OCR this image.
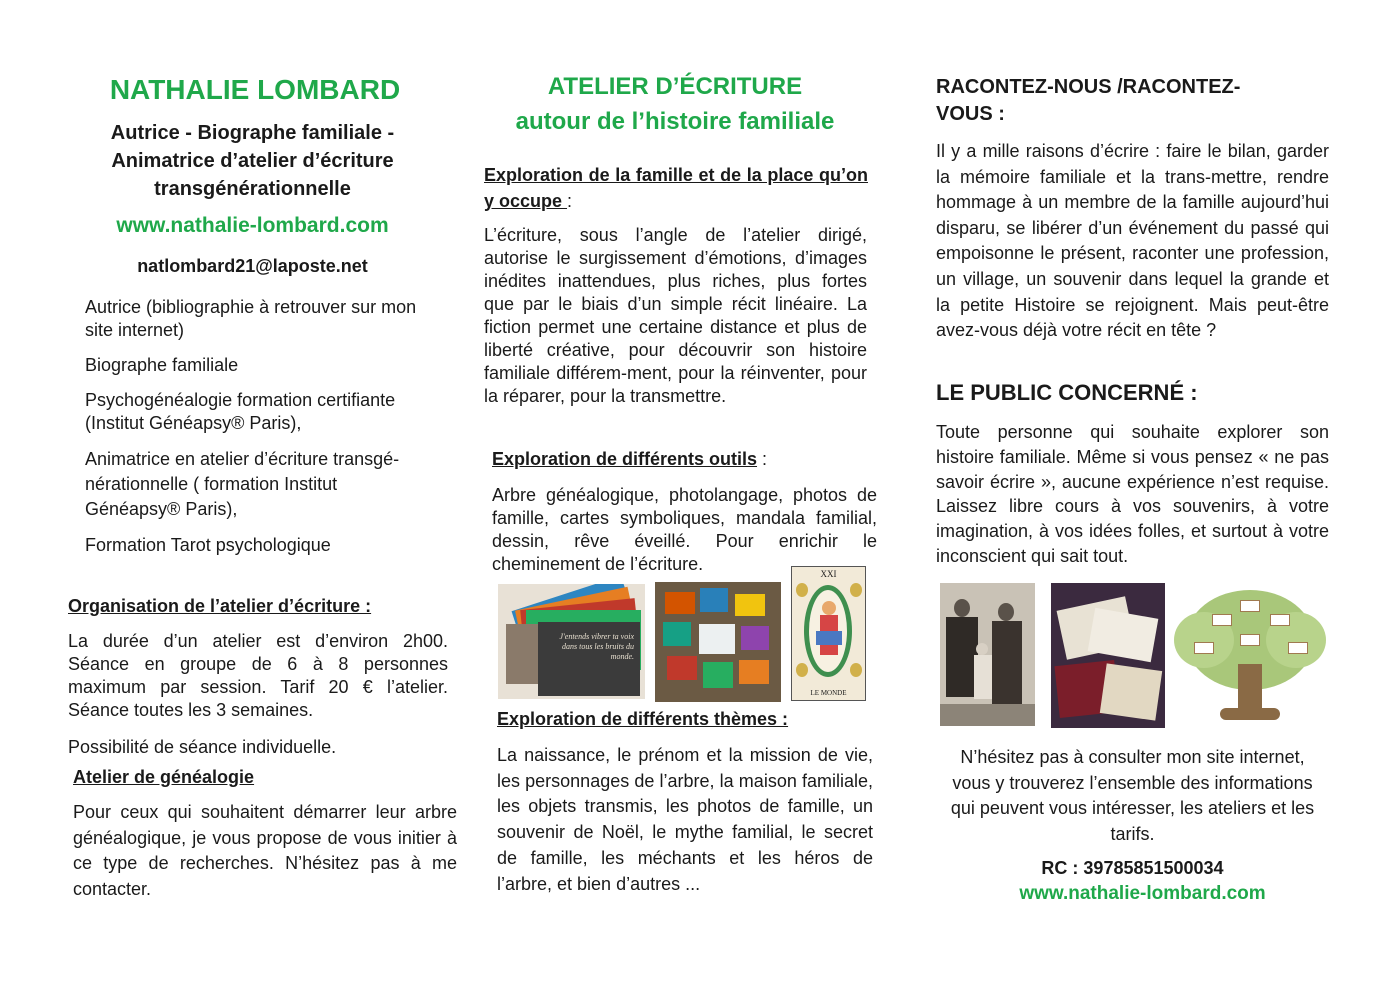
NATHALIE LOMBARD
Autrice - Biographe familiale - Animatrice d’atelier d’écriture transgénérationnelle
www.nathalie-lombard.com
natlombard21@laposte.net

Autrice (bibliographie à retrouver sur mon site internet)

Biographe familiale

Psychogénéalogie formation certifiante (Institut Généapsy® Paris),

Animatrice en atelier d’écriture transgé-nérationnelle ( formation Institut Généapsy® Paris),

Formation Tarot psychologique

Organisation de l’atelier d’écriture :
La durée d’un atelier est d’environ 2h00. Séance en groupe de 6 à 8 personnes maximum par session. Tarif 20 € l’atelier. Séance toutes les 3 semaines.
Possibilité de séance individuelle.
Atelier de généalogie
Pour ceux qui souhaitent démarrer leur arbre généalogique, je vous propose de vous initier à ce type de recherches. N’hésitez pas à me contacter.
ATELIER D’ÉCRITURE
autour de l’histoire familiale
Exploration de la famille et de la place qu’on y occupe :
L’écriture, sous l’angle de l’atelier dirigé, autorise le surgissement d’émotions, d’images inédites inattendues, plus riches, plus fortes que par le biais d’un simple récit linéaire. La fiction permet une certaine distance et plus de liberté créative, pour découvrir son histoire familiale différem-ment, pour la réinventer, pour la réparer, pour la transmettre.
Exploration de différents outils :
Arbre généalogique, photolangage, photos de famille, cartes symboliques, mandala familial, dessin, rêve éveillé. Pour enrichir le cheminement de l’écriture.
J'entends vibrer ta voix dans tous les bruits du monde.
XXI
LE MONDE
Exploration de différents thèmes :
La naissance, le prénom et la mission de vie, les personnages de l’arbre, la maison familiale, les objets transmis, les photos de famille, un souvenir de Noël, le mythe familial, le secret de famille, les méchants et les héros de l’arbre, et bien d’autres ...
RACONTEZ-NOUS /RACONTEZ-VOUS :
Il y a mille raisons d’écrire : faire le bilan, garder la mémoire familiale et la trans-mettre, rendre hommage à un membre de la famille aujourd’hui disparu, se libérer d’un événement du passé qui empoisonne le présent, raconter une profession, un village, un souvenir dans lequel la grande et la petite Histoire se rejoignent. Mais peut-être avez-vous déjà votre récit en tête ?
LE PUBLIC CONCERNÉ :
Toute personne qui souhaite explorer son histoire familiale. Même si vous pensez « ne pas savoir écrire », aucune expérience n’est requise. Laissez libre cours à vos souvenirs, à votre imagination, à vos idées folles, et surtout à votre inconscient qui sait tout.
N’hésitez pas à consulter mon site internet, vous y trouverez l’ensemble des informations qui peuvent vous intéresser, les ateliers et les tarifs.
RC : 39785851500034
www.nathalie-lombard.com
